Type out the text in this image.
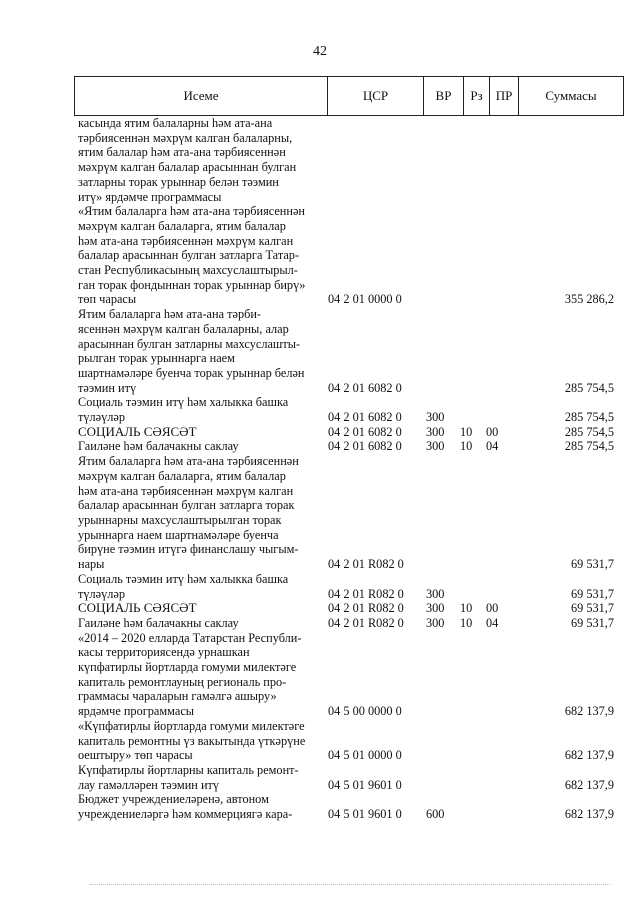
42
Исеме	ЦСР	ВР	Рз	ПР	Суммасы
касында ятим балаларны һәм ата-ана
тәрбиясеннән мәхрүм калган балаларны,
ятим балалар һәм ата-ана тәрбиясеннән
мәхрүм калган балалар арасыннан булган
затларны торак урыннар белән тәэмин
итү» ярдәмче программасы
«Ятим балаларга һәм ата-ана тәрбиясеннән
мәхрүм калган балаларга, ятим балалар
һәм ата-ана тәрбиясеннән мәхрүм калган
балалар арасыннан булган затларга Татар-
стан Республикасының махсуслаштырыл-
ган торак фондыннан торак урыннар бирү»
төп чарасы	04 2 01 0000 0	355 286,2
Ятим балаларга һәм ата-ана тәрби-
ясеннән мәхрүм калган балаларны, алар
арасыннан булган затларны махсуслашты-
рылган торак урыннарга наем
шартнамәләре буенча торак урыннар белән
тәэмин итү	04 2 01 6082 0	285 754,5
Социаль тәэмин итү һәм халыкка башка
түләүләр	04 2 01 6082 0	300	285 754,5
СОЦИАЛЬ СӘЯСӘТ	04 2 01 6082 0	300	10	00	285 754,5
Гаиләне һәм балачакны саклау	04 2 01 6082 0	300	10	04	285 754,5
Ятим балаларга һәм ата-ана тәрбиясеннән
мәхрүм калган балаларга, ятим балалар
һәм ата-ана тәрбиясеннән мәхрүм калган
балалар арасыннан булган затларга торак
урыннарны махсуслаштырылган торак
урыннарга наем шартнамәләре буенча
бирүне тәэмин итүгә финанслашу чыгым-
нары	04 2 01 R082 0	69 531,7
Социаль тәэмин итү һәм халыкка башка
түләүләр	04 2 01 R082 0	300	69 531,7
СОЦИАЛЬ СӘЯСӘТ	04 2 01 R082 0	300	10	00	69 531,7
Гаиләне һәм балачакны саклау	04 2 01 R082 0	300	10	04	69 531,7
«2014 – 2020 елларда Татарстан Республи-
касы территориясендә урнашкан
күпфатирлы йортларда гомуми милектәге
капиталь ремонтлауның региональ про-
граммасы чараларын гамәлгә ашыру»
ярдәмче программасы	04 5 00 0000 0	682 137,9
«Күпфатирлы йортларда гомуми милектәге
капиталь ремонтны үз вакытында үткәрүне
оештыру» төп чарасы	04 5 01 0000 0	682 137,9
Күпфатирлы йортларны капиталь ремонт-
лау гамәлләрен тәэмин итү	04 5 01 9601 0	682 137,9
Бюджет учреждениеләренә, автоном
учреждениеләргә һәм коммерциягә кара-	04 5 01 9601 0	600	682 137,9
